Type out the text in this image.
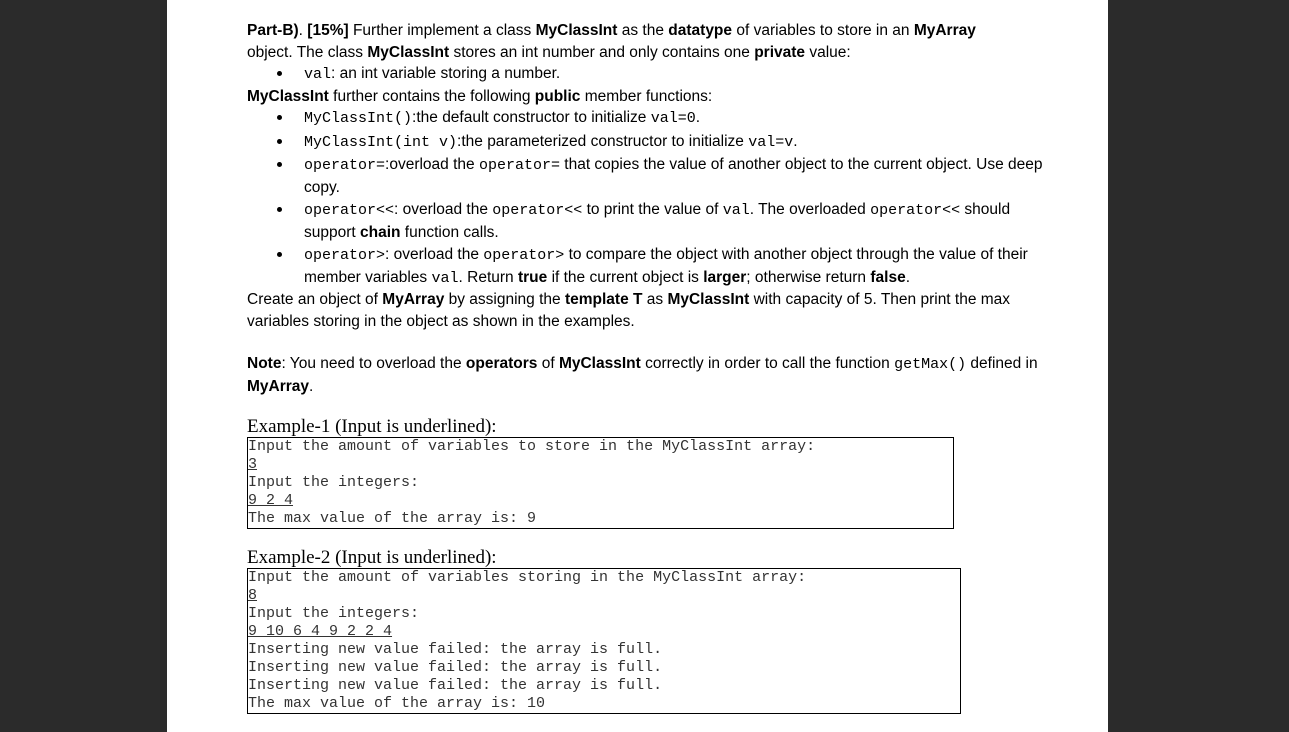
Part-B). [15%] Further implement a class MyClassInt as the datatype of variables to store in an MyArray

object. The class MyClassInt stores an int number and only contains one private value:

val: an int variable storing a number.

MyClassInt further contains the following public member functions:

MyClassInt():the default constructor to initialize val=0.
MyClassInt(int v):the parameterized constructor to initialize val=v.
operator=:overload the operator= that copies the value of another object to the current object. Use deep copy.
operator<<: overload the operator<< to print the value of val. The overloaded operator<< should support chain function calls.
operator>: overload the operator> to compare the object with another object through the value of their member variables val. Return true if the current object is larger; otherwise return false.

Create an object of MyArray by assigning the template T as MyClassInt with capacity of 5. Then print the max variables storing in the object as shown in the examples.

Note: You need to overload the operators of MyClassInt correctly in order to call the function getMax() defined in MyArray.

Example-1 (Input is underlined):
Input the amount of variables to store in the MyClassInt array:
3
Input the integers:
9 2 4
The max value of the array is: 9
Example-2 (Input is underlined):
Input the amount of variables storing in the MyClassInt array:
8
Input the integers:
9 10 6 4 9 2 2 4
Inserting new value failed: the array is full.
Inserting new value failed: the array is full.
Inserting new value failed: the array is full.
The max value of the array is: 10
